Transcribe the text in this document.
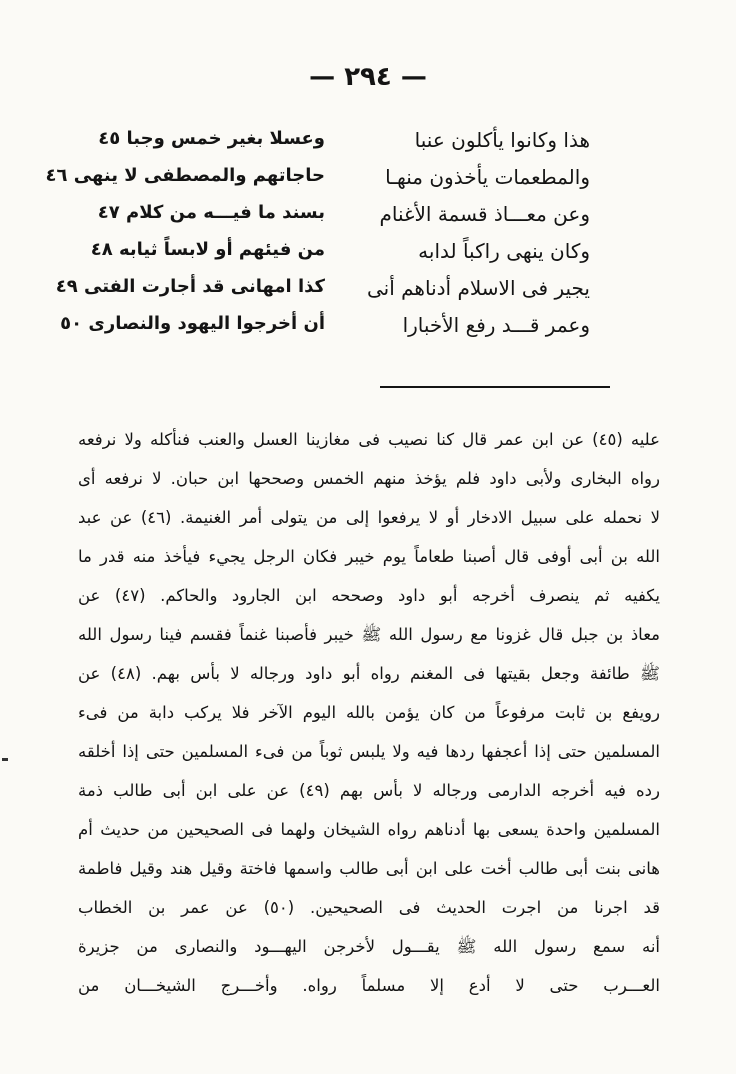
— ٢٩٤ —
هذا وكانوا يأكلون عنبا
وعسلا بغير خمس وجبا ٤٥
والمطعمات يأخذون منهـا
حاجاتهم والمصطفى لا ينهى ٤٦
وعن معـــاذ قسمة الأغنام
بسند ما فيـــه من كلام ٤٧
وكان ينهى راكباً لدابه
من فيئهم أو لابساً ثيابه ٤٨
يجير فى الاسلام أدناهم أنى
كذا امهانى قد أجارت الفتى ٤٩
وعمر قـــد رفع الأخبارا
أن أخرجوا اليهود والنصارى ٥٠
عليه (٤٥) عن ابن عمر قال كنا نصيب فى مغازينا العسل والعنب فنأكله ولا نرفعه
رواه البخارى ولأبى داود فلم يؤخذ منهم الخمس وصححها ابن حبان. لا نرفعه أى
لا نحمله على سبيل الادخار أو لا يرفعوا إلى من يتولى أمر الغنيمة. (٤٦) عن عبد
الله بن أبى أوفى قال أصبنا طعاماً يوم خيبر فكان الرجل يجيء فيأخذ منه قدر ما
يكفيه ثم ينصرف أخرجه أبو داود وصححه ابن الجارود والحاكم. (٤٧) عن
معاذ بن جبل قال غزونا مع رسول الله ﷺ خيبر فأصبنا غنماً فقسم فينا رسول الله
ﷺ طائفة وجعل بقيتها فى المغنم رواه أبو داود ورجاله لا بأس بهم. (٤٨) عن
رويفع بن ثابت مرفوعاً من كان يؤمن بالله اليوم الآخر فلا يركب دابة من فىء
المسلمين حتى إذا أعجفها ردها فيه ولا يلبس ثوباً من فىء المسلمين حتى إذا أخلقه
رده فيه أخرجه الدارمى ورجاله لا بأس بهم (٤٩) عن على ابن أبى طالب ذمة
المسلمين واحدة يسعى بها أدناهم رواه الشيخان ولهما فى الصحيحين من حديث أم
هانى بنت أبى طالب أخت على ابن أبى طالب واسمها فاختة وقيل هند وقيل فاطمة
قد اجرنا من اجرت الحديث فى الصحيحين. (٥٠) عن عمر بن الخطاب
أنه سمع رسول الله ﷺ يقـــول لأخرجن اليهـــود والنصارى من جزيرة
العـــرب حتى لا أدع إلا مسلماً رواه. وأخـــرج الشيخـــان من
